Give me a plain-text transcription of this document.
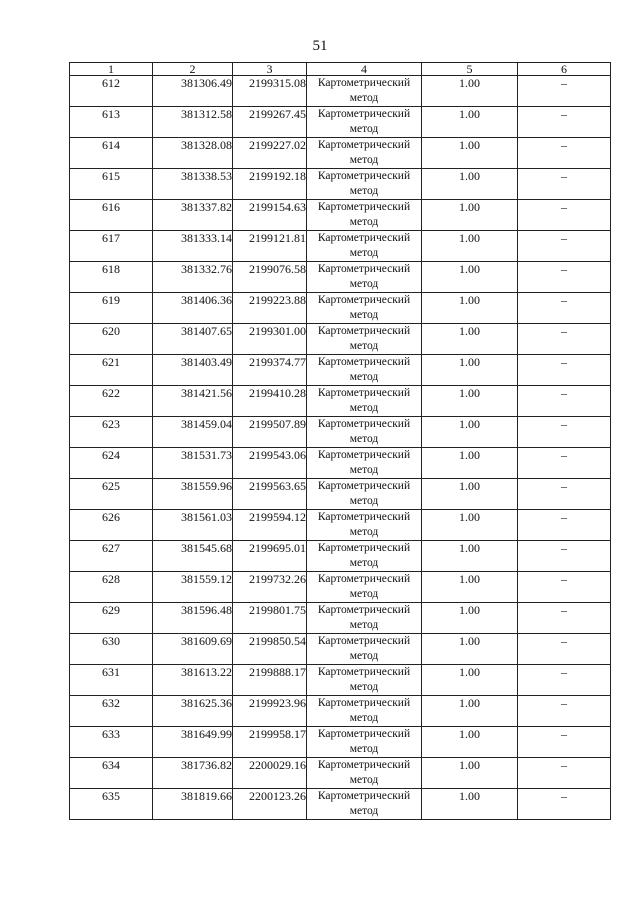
51
1	2	3	4	5	6
612	381306.49	2199315.08	Картометрический метод	1.00	–
613	381312.58	2199267.45	Картометрический метод	1.00	–
614	381328.08	2199227.02	Картометрический метод	1.00	–
615	381338.53	2199192.18	Картометрический метод	1.00	–
616	381337.82	2199154.63	Картометрический метод	1.00	–
617	381333.14	2199121.81	Картометрический метод	1.00	–
618	381332.76	2199076.58	Картометрический метод	1.00	–
619	381406.36	2199223.88	Картометрический метод	1.00	–
620	381407.65	2199301.00	Картометрический метод	1.00	–
621	381403.49	2199374.77	Картометрический метод	1.00	–
622	381421.56	2199410.28	Картометрический метод	1.00	–
623	381459.04	2199507.89	Картометрический метод	1.00	–
624	381531.73	2199543.06	Картометрический метод	1.00	–
625	381559.96	2199563.65	Картометрический метод	1.00	–
626	381561.03	2199594.12	Картометрический метод	1.00	–
627	381545.68	2199695.01	Картометрический метод	1.00	–
628	381559.12	2199732.26	Картометрический метод	1.00	–
629	381596.48	2199801.75	Картометрический метод	1.00	–
630	381609.69	2199850.54	Картометрический метод	1.00	–
631	381613.22	2199888.17	Картометрический метод	1.00	–
632	381625.36	2199923.96	Картометрический метод	1.00	–
633	381649.99	2199958.17	Картометрический метод	1.00	–
634	381736.82	2200029.16	Картометрический метод	1.00	–
635	381819.66	2200123.26	Картометрический метод	1.00	–
